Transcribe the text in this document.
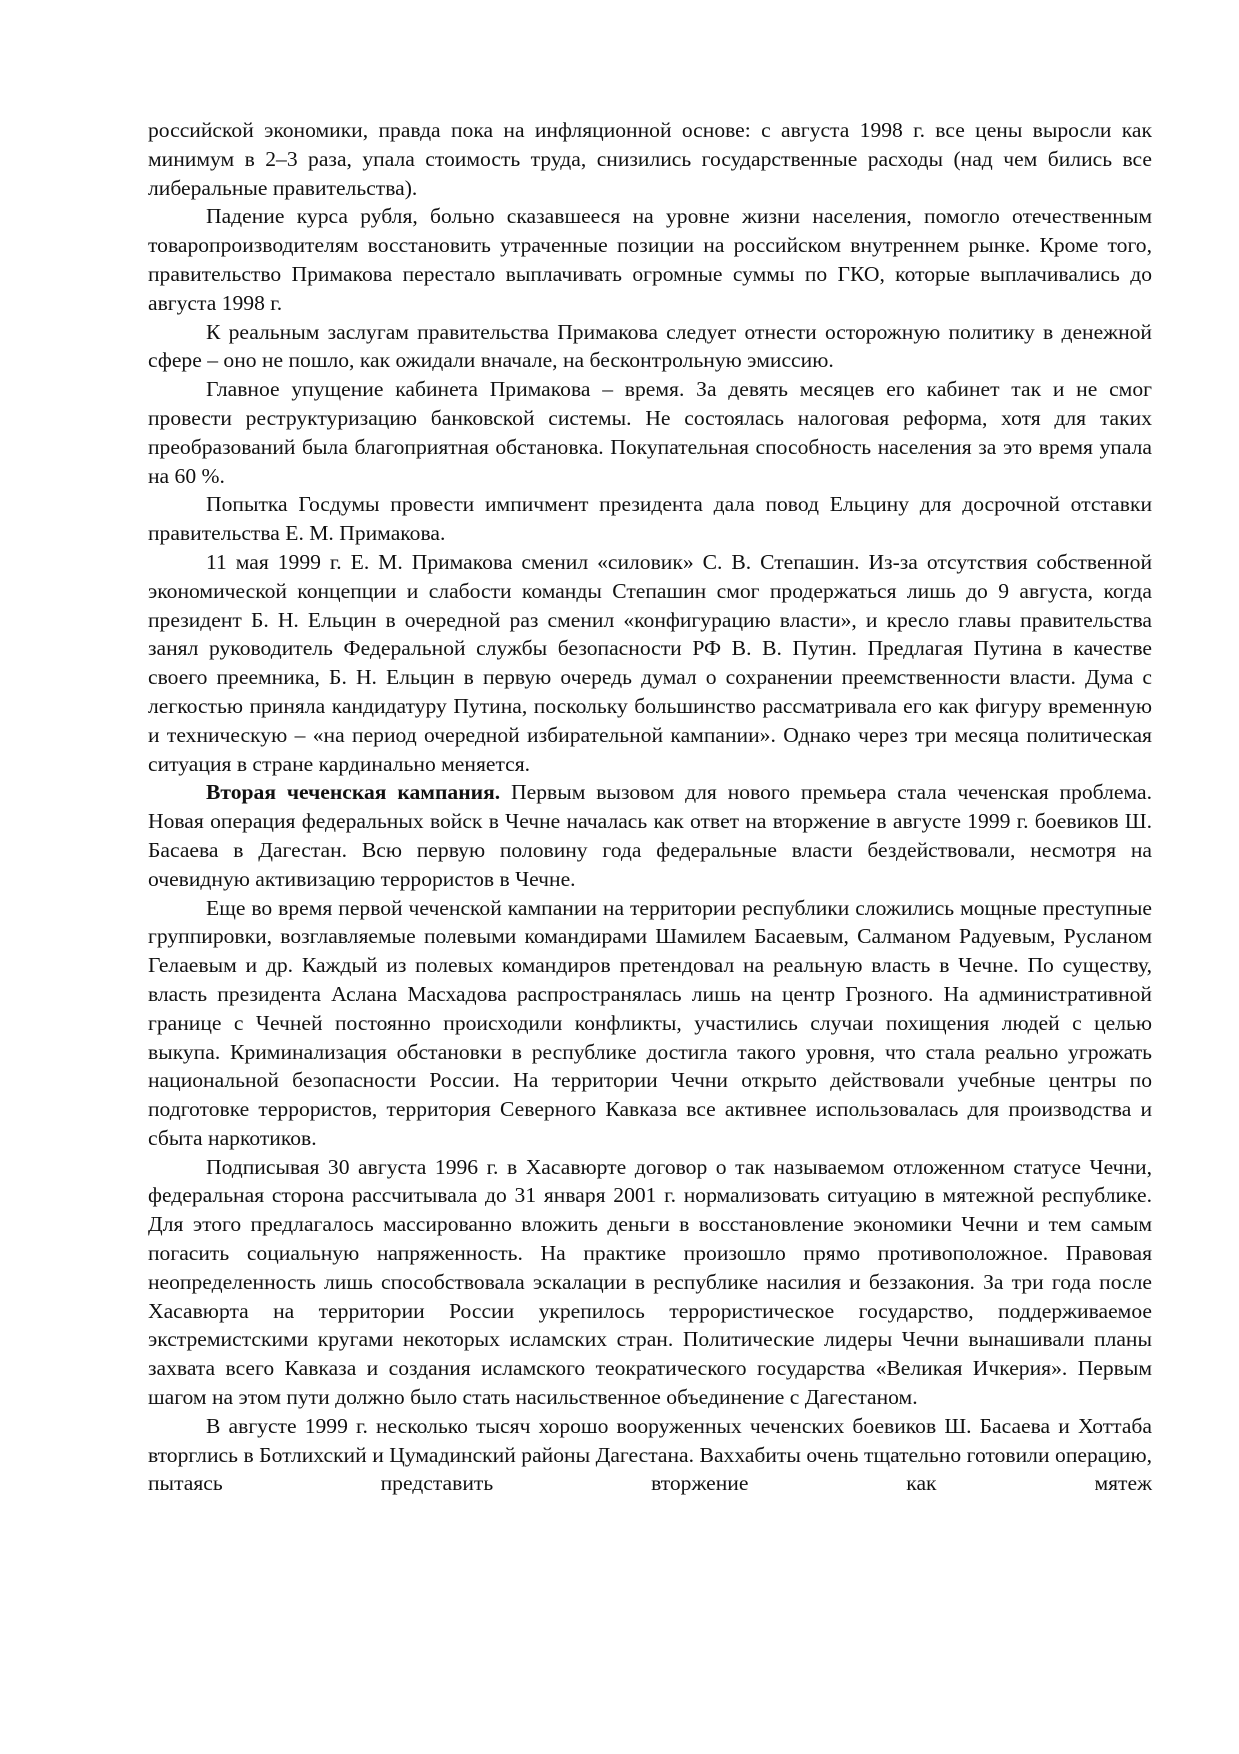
российской экономики, правда пока на инфляционной основе: с августа 1998 г. все цены выросли как минимум в 2–3 раза, упала стоимость труда, снизились государственные расходы (над чем бились все либеральные правительства).

Падение курса рубля, больно сказавшееся на уровне жизни населения, помогло отечественным товаропроизводителям восстановить утраченные позиции на российском внутреннем рынке. Кроме того, правительство Примакова перестало выплачивать огромные суммы по ГКО, которые выплачивались до августа 1998 г.

К реальным заслугам правительства Примакова следует отнести осторожную политику в денежной сфере – оно не пошло, как ожидали вначале, на бесконтрольную эмиссию.

Главное упущение кабинета Примакова – время. За девять месяцев его кабинет так и не смог провести реструктуризацию банковской системы. Не состоялась налоговая реформа, хотя для таких преобразований была благоприятная обстановка. Покупательная способность населения за это время упала на 60 %.

Попытка Госдумы провести импичмент президента дала повод Ельцину для досрочной отставки правительства Е. М. Примакова.

11 мая 1999 г. Е. М. Примакова сменил «силовик» С. В. Степашин. Из-за отсутствия собственной экономической концепции и слабости команды Степашин смог продержаться лишь до 9 августа, когда президент Б. Н. Ельцин в очередной раз сменил «конфигурацию власти», и кресло главы правительства занял руководитель Федеральной службы безопасности РФ В. В. Путин. Предлагая Путина в качестве своего преемника, Б. Н. Ельцин в первую очередь думал о сохранении преемственности власти. Дума с легкостью приняла кандидатуру Путина, поскольку большинство рассматривала его как фигуру временную и техническую – «на период очередной избирательной кампании». Однако через три месяца политическая ситуация в стране кардинально меняется.

Вторая чеченская кампания. Первым вызовом для нового премьера стала чеченская проблема. Новая операция федеральных войск в Чечне началась как ответ на вторжение в августе 1999 г. боевиков Ш. Басаева в Дагестан. Всю первую половину года федеральные власти бездействовали, несмотря на очевидную активизацию террористов в Чечне.

Еще во время первой чеченской кампании на территории республики сложились мощные преступные группировки, возглавляемые полевыми командирами Шамилем Басаевым, Салманом Радуевым, Русланом Гелаевым и др. Каждый из полевых командиров претендовал на реальную власть в Чечне. По существу, власть президента Аслана Масхадова распространялась лишь на центр Грозного. На административной границе с Чечней постоянно происходили конфликты, участились случаи похищения людей с целью выкупа. Криминализация обстановки в республике достигла такого уровня, что стала реально угрожать национальной безопасности России. На территории Чечни открыто действовали учебные центры по подготовке террористов, территория Северного Кавказа все активнее использовалась для производства и сбыта наркотиков.

Подписывая 30 августа 1996 г. в Хасавюрте договор о так называемом отложенном статусе Чечни, федеральная сторона рассчитывала до 31 января 2001 г. нормализовать ситуацию в мятежной республике. Для этого предлагалось массированно вложить деньги в восстановление экономики Чечни и тем самым погасить социальную напряженность. На практике произошло прямо противоположное. Правовая неопределенность лишь способствовала эскалации в республике насилия и беззакония. За три года после Хасавюрта на территории России укрепилось террористическое государство, поддерживаемое экстремистскими кругами некоторых исламских стран. Политические лидеры Чечни вынашивали планы захвата всего Кавказа и создания исламского теократического государства «Великая Ичкерия». Первым шагом на этом пути должно было стать насильственное объединение с Дагестаном.

В августе 1999 г. несколько тысяч хорошо вооруженных чеченских боевиков Ш. Басаева и Хоттаба вторглись в Ботлихский и Цумадинский районы Дагестана. Ваххабиты очень тщательно готовили операцию, пытаясь представить вторжение как мятеж
